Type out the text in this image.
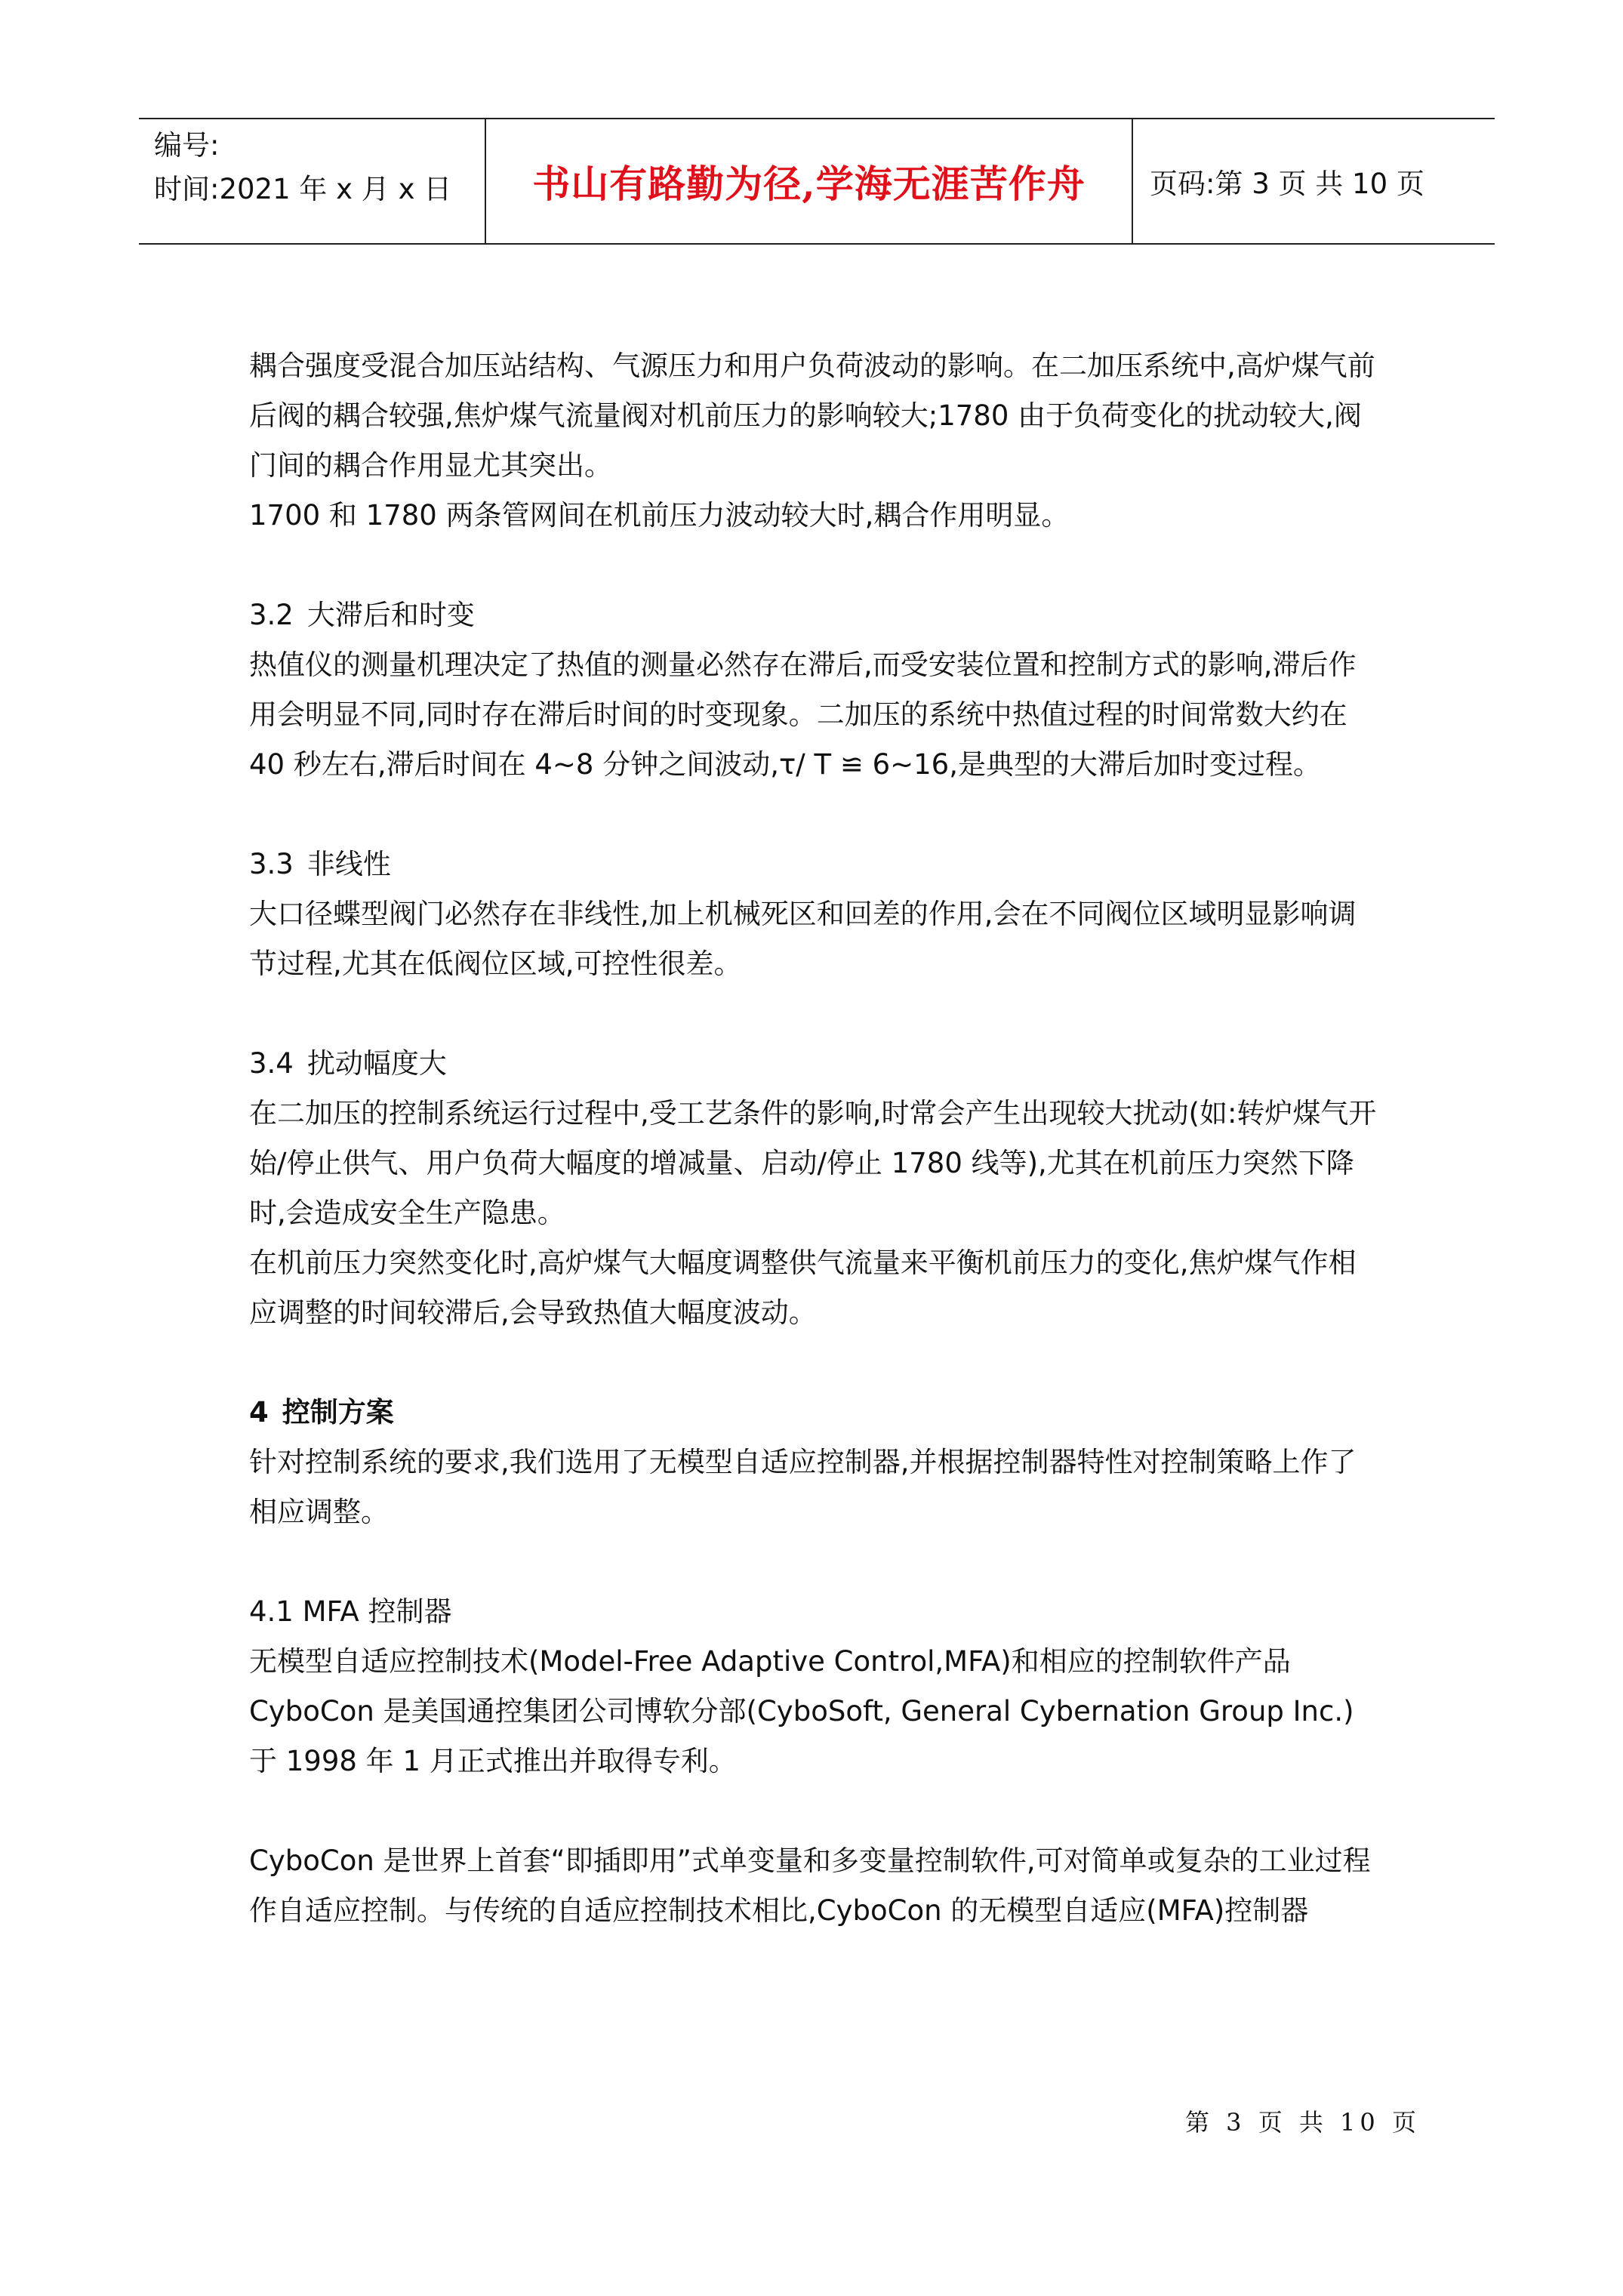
编号:
时间:2021 年 x 月 x 日	书山有路勤为径,学海无涯苦作舟	页码:第 3 页 共 10 页

耦合强度受混合加压站结构、气源压力和用户负荷波动的影响。在二加压系统中,高炉煤气前后阀的耦合较强,焦炉煤气流量阀对机前压力的影响较大;1780 由于负荷变化的扰动较大,阀门间的耦合作用显尤其突出。

1700 和 1780 两条管网间在机前压力波动较大时,耦合作用明显。

3.2 大滞后和时变

热值仪的测量机理决定了热值的测量必然存在滞后,而受安装位置和控制方式的影响,滞后作用会明显不同,同时存在滞后时间的时变现象。二加压的系统中热值过程的时间常数大约在 40 秒左右,滞后时间在 4~8 分钟之间波动,τ/ T ≌ 6~16,是典型的大滞后加时变过程。

3.3 非线性

大口径蝶型阀门必然存在非线性,加上机械死区和回差的作用,会在不同阀位区域明显影响调节过程,尤其在低阀位区域,可控性很差。

3.4 扰动幅度大

在二加压的控制系统运行过程中,受工艺条件的影响,时常会产生出现较大扰动(如:转炉煤气开始/停止供气、用户负荷大幅度的增减量、启动/停止 1780 线等),尤其在机前压力突然下降时,会造成安全生产隐患。

在机前压力突然变化时,高炉煤气大幅度调整供气流量来平衡机前压力的变化,焦炉煤气作相应调整的时间较滞后,会导致热值大幅度波动。

4 控制方案

针对控制系统的要求,我们选用了无模型自适应控制器,并根据控制器特性对控制策略上作了相应调整。

4.1 MFA 控制器

无模型自适应控制技术(Model-Free Adaptive Control,MFA)和相应的控制软件产品 CyboCon 是美国通控集团公司博软分部(CyboSoft, General Cybernation Group Inc.)于 1998 年 1 月正式推出并取得专利。

CyboCon 是世界上首套“即插即用”式单变量和多变量控制软件,可对简单或复杂的工业过程作自适应控制。与传统的自适应控制技术相比,CyboCon 的无模型自适应(MFA)控制器

第 3 页 共 10 页
